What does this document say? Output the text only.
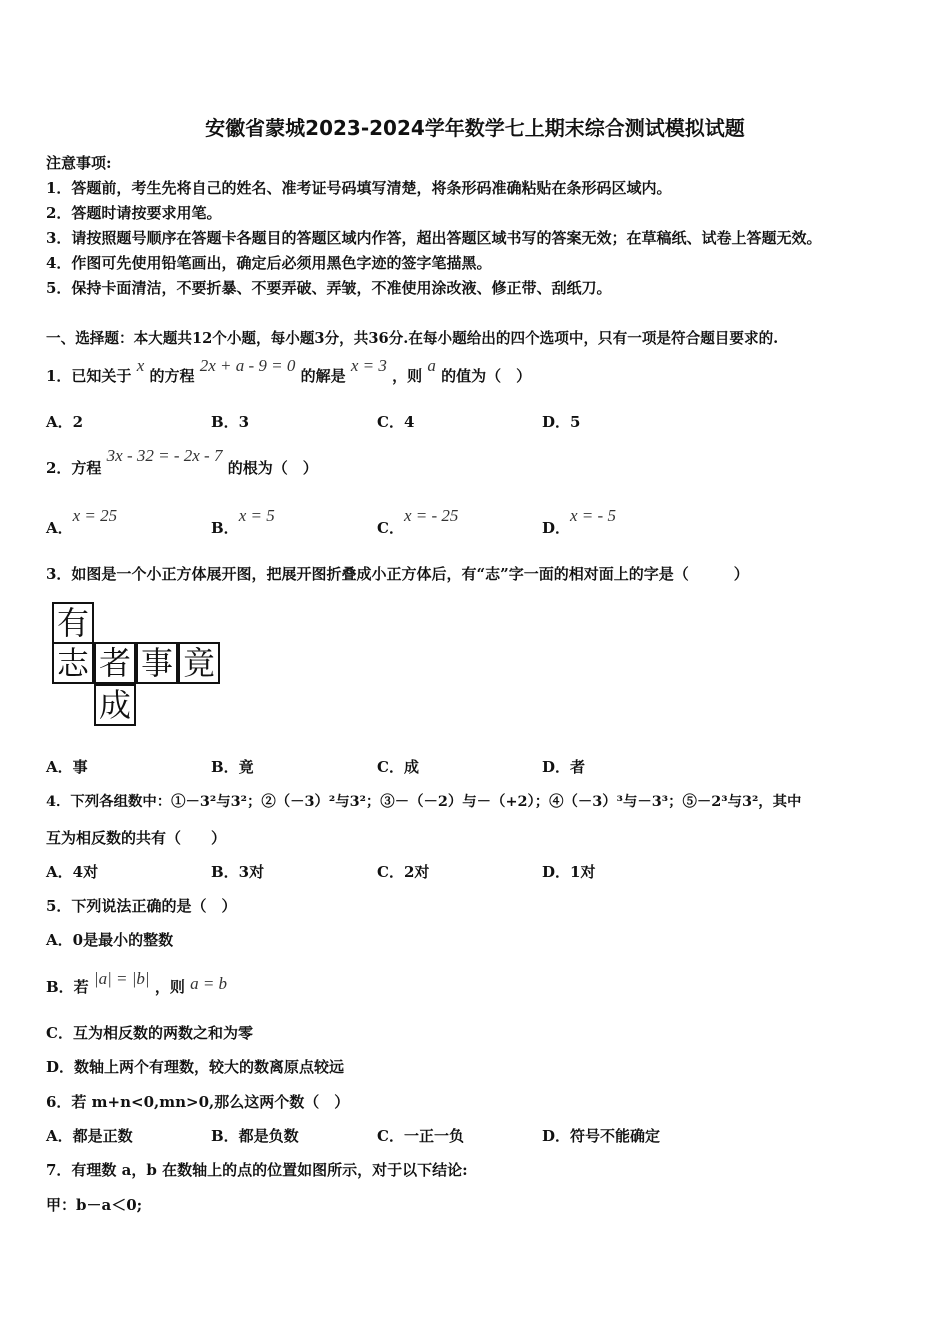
安徽省蒙城2023-2024学年数学七上期末综合测试模拟试题
注意事项:
1．答题前，考生先将自己的姓名、准考证号码填写清楚，将条形码准确粘贴在条形码区域内。
2．答题时请按要求用笔。
3．请按照题号顺序在答题卡各题目的答题区域内作答，超出答题区域书写的答案无效；在草稿纸、试卷上答题无效。
4．作图可先使用铅笔画出，确定后必须用黑色字迹的签字笔描黑。
5．保持卡面清洁，不要折暴、不要弄破、弄皱，不准使用涂改液、修正带、刮纸刀。
一、选择题：本大题共12个小题，每小题3分，共36分.在每小题给出的四个选项中，只有一项是符合题目要求的.
1．已知关于 x 的方程 2x + a - 9 = 0 的解是 x = 3 ，则 a 的值为（　）
A．2	B．3	C．4	D．5
2．方程 3x - 32 = - 2x - 7 的根为（　）
A．x = 25
B．x = 5
C．x = - 25
D．x = - 5
3．如图是一个小正方体展开图，把展开图折叠成小正方体后，有“志”字一面的相对面上的字是（　　　）
有
志 者 事 竟
成
A．事	B．竟	C．成	D．者
4．下列各组数中：①－3²与3²；②（－3）²与3²；③－（－2）与－（+2）；④（－3）³与－3³；⑤－2³与3²，其中
互为相反数的共有（　　）
A．4对	B．3对	C．2对	D．1对
5．下列说法正确的是（　）
A．0是最小的整数
B．若 |a| = |b| ，则 a = b
C．互为相反数的两数之和为零
D．数轴上两个有理数，较大的数离原点较远
6．若 m+n<0,mn>0,那么这两个数（　）
A．都是正数	B．都是负数	C．一正一负	D．符号不能确定
7．有理数 a，b 在数轴上的点的位置如图所示，对于以下结论:
甲：b－a＜0;
